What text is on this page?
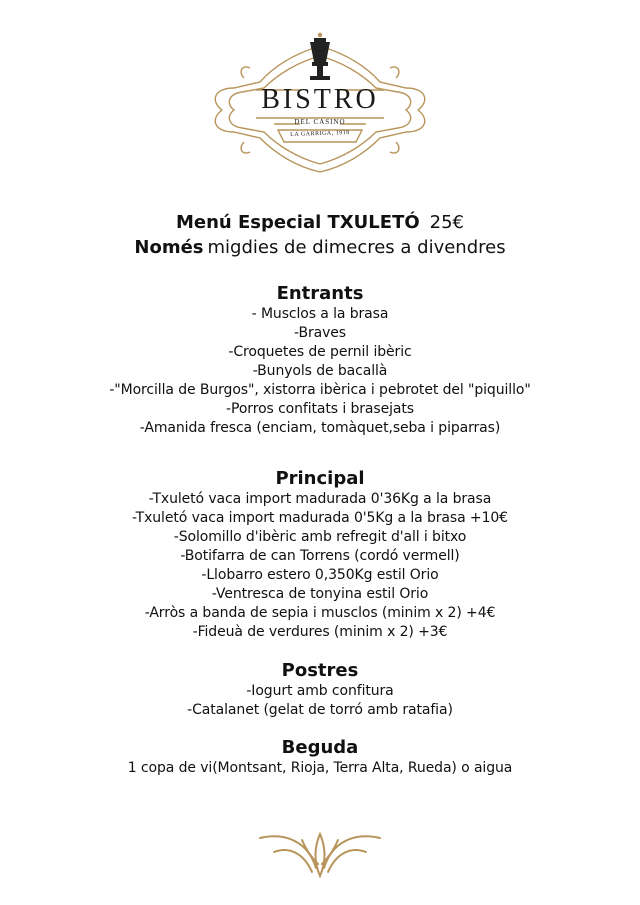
BISTRO
DEL CASINO
LA GARRIGA, 1918

Menú Especial TXULETÓ 25€

Només migdies de dimecres a divendres

Entrants

- Musclos a la brasa
-Braves
-Croquetes de pernil ibèric
-Bunyols de bacallà
-"Morcilla de Burgos", xistorra ibèrica i pebrotet del "piquillo"
-Porros confitats i brasejats
-Amanida fresca (enciam, tomàquet,seba i piparras)

Principal

-Txuletó vaca import madurada 0'36Kg a la brasa
-Txuletó vaca import madurada 0'5Kg a la brasa +10€
-Solomillo d'ibèric amb refregit d'all i bitxo
-Botifarra de can Torrens (cordó vermell)
-Llobarro estero 0,350Kg estil Orio
-Ventresca de tonyina estil Orio
-Arròs a banda de sepia i musclos (minim x 2) +4€
-Fideuà de verdures (minim x 2) +3€

Postres

-Iogurt amb confitura
-Catalanet (gelat de torró amb ratafia)

Beguda

1 copa de vi(Montsant, Rioja, Terra Alta, Rueda) o aigua
